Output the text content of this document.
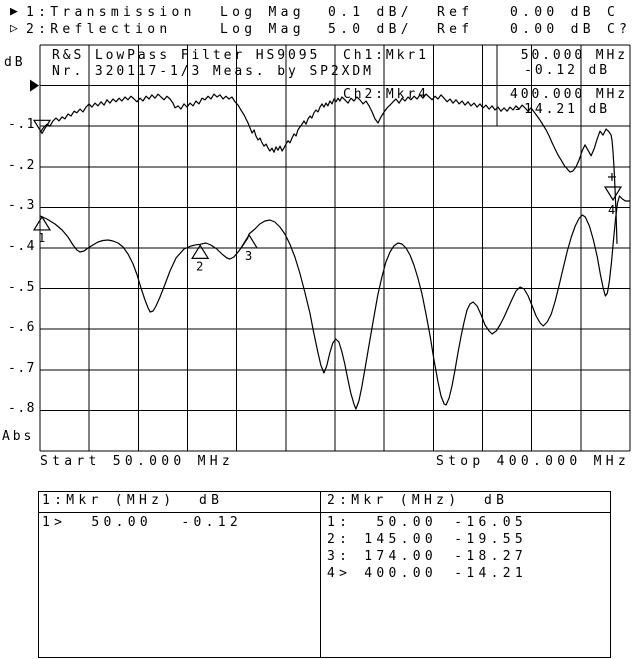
1
2
3
4
▶ 1:Transmission Log Mag 0.1 dB/ Ref	0.00 dB C
▷ 2:Reflection	Log Mag 5.0 dB/ Ref	0.00 dB C?
dB
Abs
-.1
-.2
-.3
-.4
-.5
-.6
-.7
-.8
R&S LowPass Filter HS9095
Nr. 320117-1/3 Meas. by SP2XDM
Ch1:Mkr1	50.000 MHz
-0.12 dB
Ch2:Mkr4	400.000 MHz
-14.21 dB
Start 50.000 MHz	Stop 400.000 MHz
1:Mkr (MHz) dB	2:Mkr (MHz) dB
1>	50.00	-0.12	1:	50.00	-16.05
2: 145.00	-19.55
3: 174.00	-18.27
4> 400.00	-14.21
